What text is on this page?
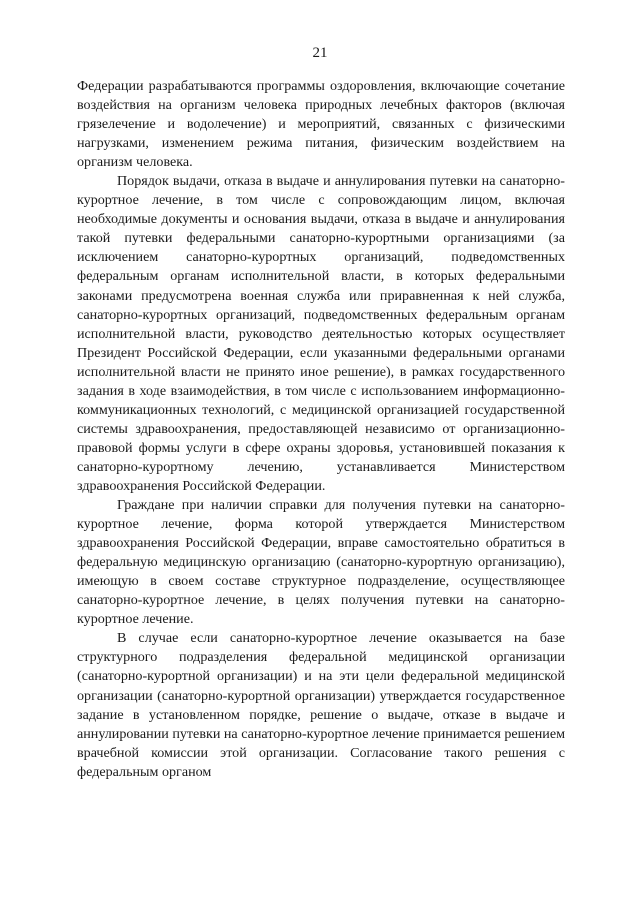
21

Федерации разрабатываются программы оздоровления, включающие сочетание воздействия на организм человека природных лечебных факторов (включая грязелечение и водолечение) и мероприятий, связанных с физическими нагрузками, изменением режима питания, физическим воздействием на организм человека.

Порядок выдачи, отказа в выдаче и аннулирования путевки на санаторно-курортное лечение, в том числе с сопровождающим лицом, включая необходимые документы и основания выдачи, отказа в выдаче и аннулирования такой путевки федеральными санаторно-курортными организациями (за исключением санаторно-курортных организаций, подведомственных федеральным органам исполнительной власти, в которых федеральными законами предусмотрена военная служба или приравненная к ней служба, санаторно-курортных организаций, подведомственных федеральным органам исполнительной власти, руководство деятельностью которых осуществляет Президент Российской Федерации, если указанными федеральными органами исполнительной власти не принято иное решение), в рамках государственного задания в ходе взаимодействия, в том числе с использованием информационно-коммуникационных технологий, с медицинской организацией государственной системы здравоохранения, предоставляющей независимо от организационно-правовой формы услуги в сфере охраны здоровья, установившей показания к санаторно-курортному лечению, устанавливается Министерством здравоохранения Российской Федерации.

Граждане при наличии справки для получения путевки на санаторно-курортное лечение, форма которой утверждается Министерством здравоохранения Российской Федерации, вправе самостоятельно обратиться в федеральную медицинскую организацию (санаторно-курортную организацию), имеющую в своем составе структурное подразделение, осуществляющее санаторно-курортное лечение, в целях получения путевки на санаторно-курортное лечение.

В случае если санаторно-курортное лечение оказывается на базе структурного подразделения федеральной медицинской организации (санаторно-курортной организации) и на эти цели федеральной медицинской организации (санаторно-курортной организации) утверждается государственное задание в установленном порядке, решение о выдаче, отказе в выдаче и аннулировании путевки на санаторно-курортное лечение принимается решением врачебной комиссии этой организации. Согласование такого решения с федеральным органом
